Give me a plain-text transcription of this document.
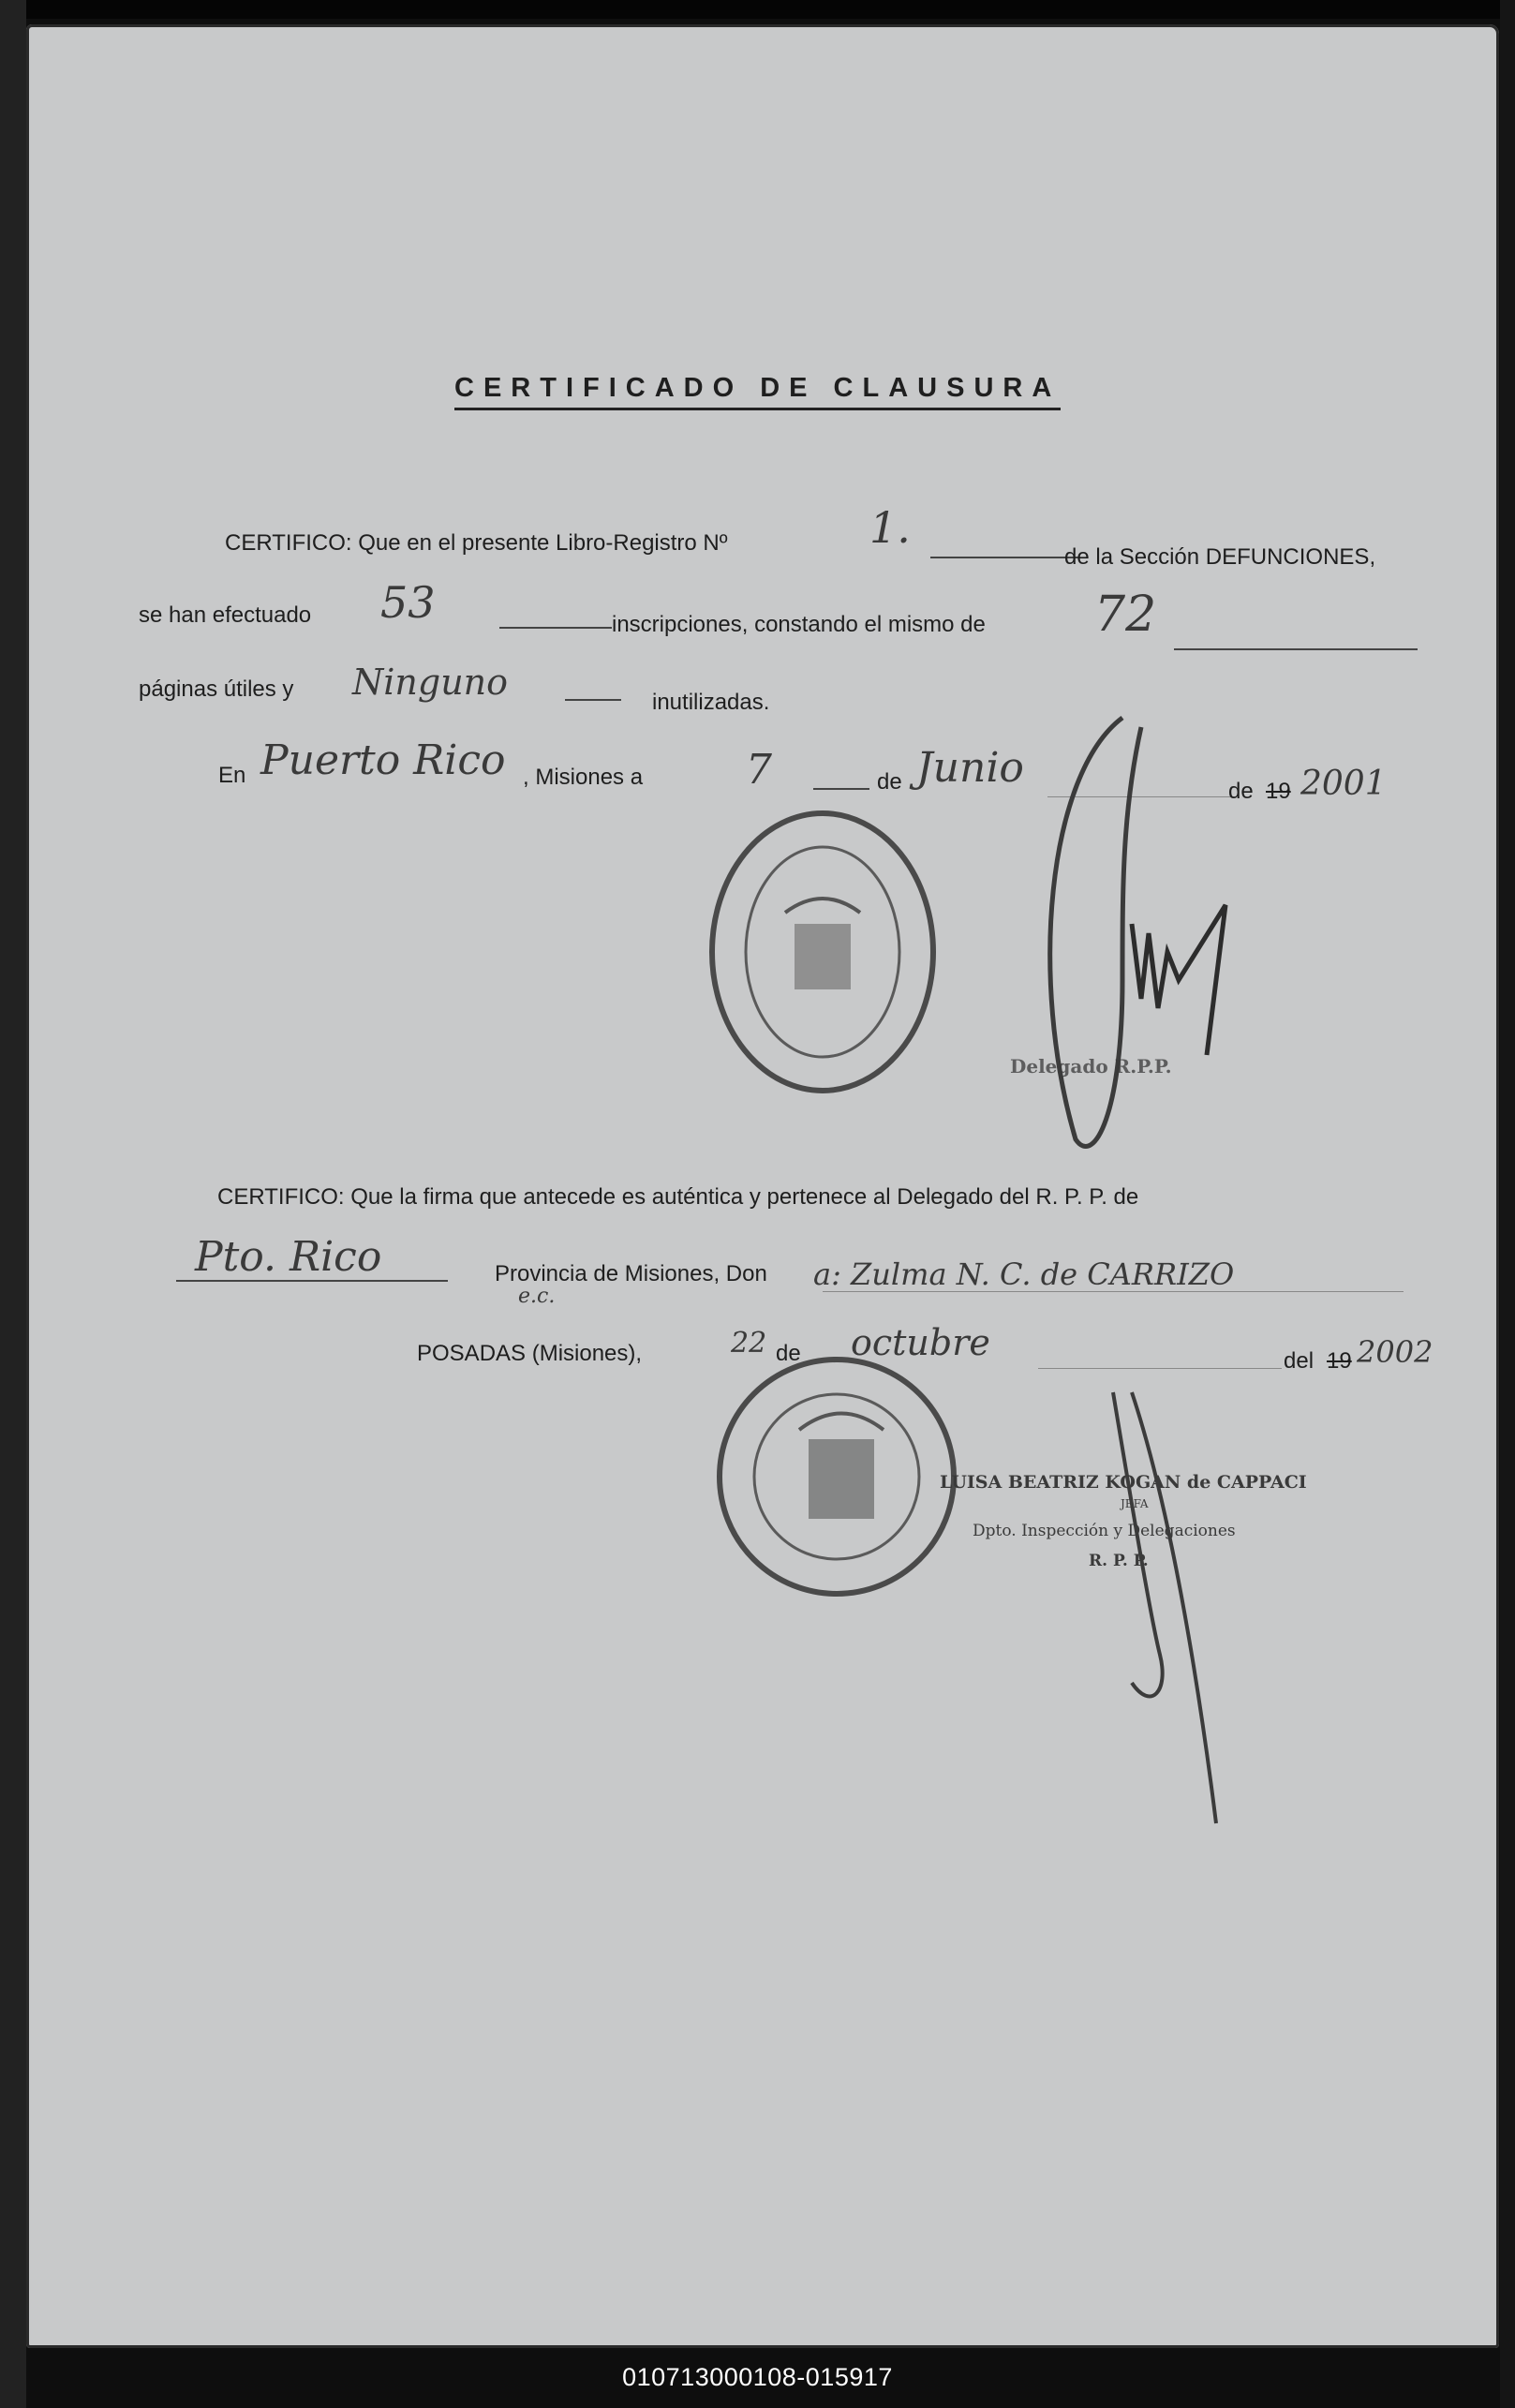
CERTIFICADO DE CLAUSURA
CERTIFICO: Que en el presente Libro-Registro Nº	1.
de la Sección DEFUNCIONES,
se han efectuado 53	inscripciones, constando el mismo de 72
páginas útiles y Ninguno	inutilizadas.
En Puerto Rico , Misiones a 7	de Junio	de 19 2001
Delegado R.P.P.
CERTIFICO: Que la firma que antecede es auténtica y pertenece al Delegado del R. P. P. de
Pto. Rico	Provincia de Misiones, Don a: Zulma N. C. de CARRIZO
e.c.
POSADAS (Misiones),	22 de octubre	del 19 2002
LUISA BEATRIZ KOGAN de CAPPACI
JEFA
Dpto. Inspección y Delegaciones
R. P. P.
010713000108-015917
